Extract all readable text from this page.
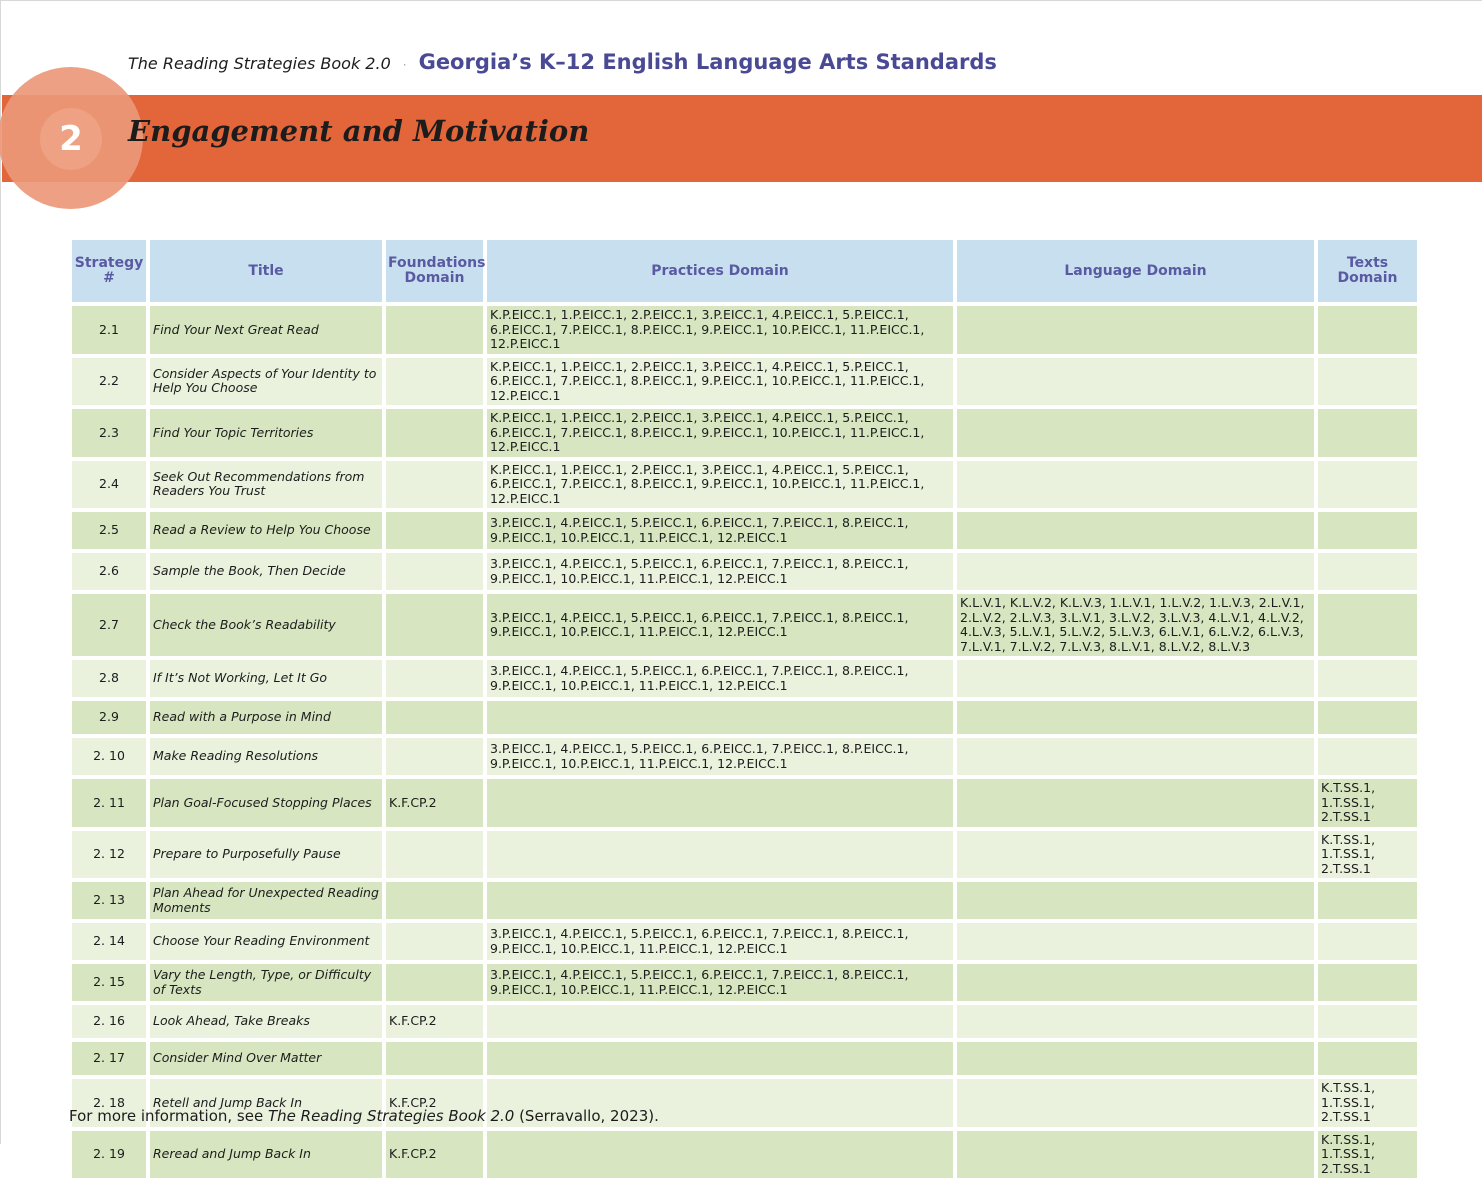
The Reading Strategies Book 2.0 · Georgia’s K–12 English Language Arts Standards
2	Engagement and Motivation
Strategy #	Title	Foundations Domain	Practices Domain	Language Domain	Texts Domain
2.1	Find Your Next Great Read		K.P.EICC.1, 1.P.EICC.1, 2.P.EICC.1, 3.P.EICC.1, 4.P.EICC.1, 5.P.EICC.1, 6.P.EICC.1, 7.P.EICC.1, 8.P.EICC.1, 9.P.EICC.1, 10.P.EICC.1, 11.P.EICC.1, 12.P.EICC.1		
2.2	Consider Aspects of Your Identity to Help You Choose		K.P.EICC.1, 1.P.EICC.1, 2.P.EICC.1, 3.P.EICC.1, 4.P.EICC.1, 5.P.EICC.1, 6.P.EICC.1, 7.P.EICC.1, 8.P.EICC.1, 9.P.EICC.1, 10.P.EICC.1, 11.P.EICC.1, 12.P.EICC.1		
2.3	Find Your Topic Territories		K.P.EICC.1, 1.P.EICC.1, 2.P.EICC.1, 3.P.EICC.1, 4.P.EICC.1, 5.P.EICC.1, 6.P.EICC.1, 7.P.EICC.1, 8.P.EICC.1, 9.P.EICC.1, 10.P.EICC.1, 11.P.EICC.1, 12.P.EICC.1		
2.4	Seek Out Recommendations from Readers You Trust		K.P.EICC.1, 1.P.EICC.1, 2.P.EICC.1, 3.P.EICC.1, 4.P.EICC.1, 5.P.EICC.1, 6.P.EICC.1, 7.P.EICC.1, 8.P.EICC.1, 9.P.EICC.1, 10.P.EICC.1, 11.P.EICC.1, 12.P.EICC.1		
2.5	Read a Review to Help You Choose		3.P.EICC.1, 4.P.EICC.1, 5.P.EICC.1, 6.P.EICC.1, 7.P.EICC.1, 8.P.EICC.1, 9.P.EICC.1, 10.P.EICC.1, 11.P.EICC.1, 12.P.EICC.1		
2.6	Sample the Book, Then Decide		3.P.EICC.1, 4.P.EICC.1, 5.P.EICC.1, 6.P.EICC.1, 7.P.EICC.1, 8.P.EICC.1, 9.P.EICC.1, 10.P.EICC.1, 11.P.EICC.1, 12.P.EICC.1		
2.7	Check the Book’s Readability		3.P.EICC.1, 4.P.EICC.1, 5.P.EICC.1, 6.P.EICC.1, 7.P.EICC.1, 8.P.EICC.1, 9.P.EICC.1, 10.P.EICC.1, 11.P.EICC.1, 12.P.EICC.1	K.L.V.1, K.L.V.2, K.L.V.3, 1.L.V.1, 1.L.V.2, 1.L.V.3, 2.L.V.1, 2.L.V.2, 2.L.V.3, 3.L.V.1, 3.L.V.2, 3.L.V.3, 4.L.V.1, 4.L.V.2, 4.L.V.3, 5.L.V.1, 5.L.V.2, 5.L.V.3, 6.L.V.1, 6.L.V.2, 6.L.V.3, 7.L.V.1, 7.L.V.2, 7.L.V.3, 8.L.V.1, 8.L.V.2, 8.L.V.3	
2.8	If It’s Not Working, Let It Go		3.P.EICC.1, 4.P.EICC.1, 5.P.EICC.1, 6.P.EICC.1, 7.P.EICC.1, 8.P.EICC.1, 9.P.EICC.1, 10.P.EICC.1, 11.P.EICC.1, 12.P.EICC.1		
2.9	Read with a Purpose in Mind				
2. 10	Make Reading Resolutions		3.P.EICC.1, 4.P.EICC.1, 5.P.EICC.1, 6.P.EICC.1, 7.P.EICC.1, 8.P.EICC.1, 9.P.EICC.1, 10.P.EICC.1, 11.P.EICC.1, 12.P.EICC.1		
2. 11	Plan Goal-Focused Stopping Places	K.F.CP.2			K.T.SS.1, 1.T.SS.1, 2.T.SS.1
2. 12	Prepare to Purposefully Pause				K.T.SS.1, 1.T.SS.1, 2.T.SS.1
2. 13	Plan Ahead for Unexpected Reading Moments				
2. 14	Choose Your Reading Environment		3.P.EICC.1, 4.P.EICC.1, 5.P.EICC.1, 6.P.EICC.1, 7.P.EICC.1, 8.P.EICC.1, 9.P.EICC.1, 10.P.EICC.1, 11.P.EICC.1, 12.P.EICC.1		
2. 15	Vary the Length, Type, or Difficulty of Texts		3.P.EICC.1, 4.P.EICC.1, 5.P.EICC.1, 6.P.EICC.1, 7.P.EICC.1, 8.P.EICC.1, 9.P.EICC.1, 10.P.EICC.1, 11.P.EICC.1, 12.P.EICC.1		
2. 16	Look Ahead, Take Breaks	K.F.CP.2			
2. 17	Consider Mind Over Matter				
2. 18	Retell and Jump Back In	K.F.CP.2			K.T.SS.1, 1.T.SS.1, 2.T.SS.1
2. 19	Reread and Jump Back In	K.F.CP.2			K.T.SS.1, 1.T.SS.1, 2.T.SS.1
For more information, see The Reading Strategies Book 2.0 (Serravallo, 2023).
